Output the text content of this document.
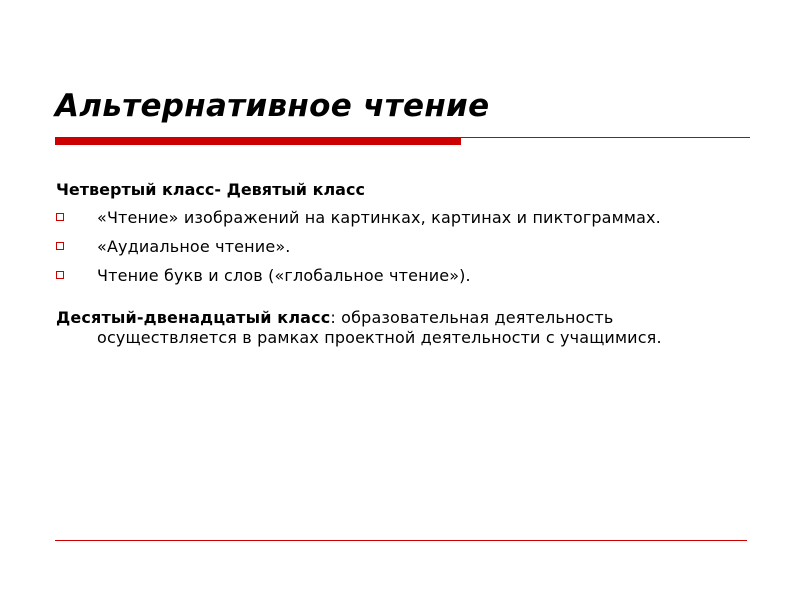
Альтернативное чтение

Четвертый класс- Девятый класс

«Чтение» изображений на картинках, картинах и пиктограммах.
«Аудиальное чтение».
Чтение букв и слов («глобальное чтение»).

Десятый-двенадцатый класс: образовательная деятельность осуществляется в рамках проектной деятельности с учащимися.
